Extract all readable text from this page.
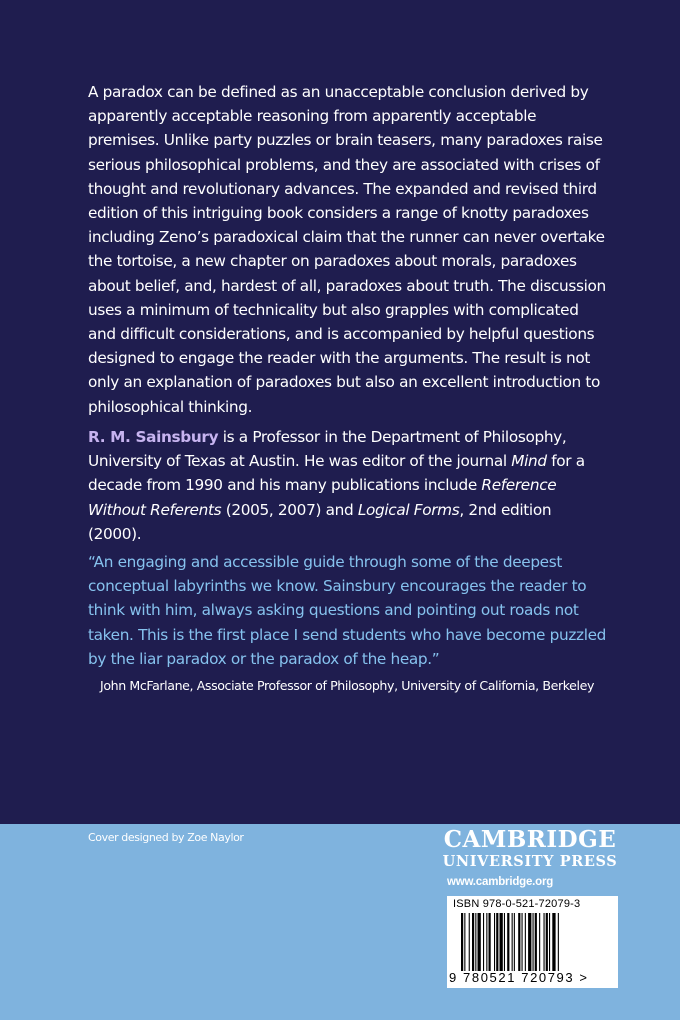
A paradox can be defined as an unacceptable conclusion derived by apparently acceptable reasoning from apparently acceptable premises. Unlike party puzzles or brain teasers, many paradoxes raise serious philosophical problems, and they are associated with crises of thought and revolutionary advances. The expanded and revised third edition of this intriguing book considers a range of knotty paradoxes including Zeno’s paradoxical claim that the runner can never overtake the tortoise, a new chapter on paradoxes about morals, paradoxes about belief, and, hardest of all, paradoxes about truth. The discussion uses a minimum of technicality but also grapples with complicated and difficult considerations, and is accompanied by helpful questions designed to engage the reader with the arguments. The result is not only an explanation of paradoxes but also an excellent introduction to philosophical thinking.

R. M. Sainsbury is a Professor in the Department of Philosophy, University of Texas at Austin. He was editor of the journal Mind for a decade from 1990 and his many publications include Reference Without Referents (2005, 2007) and Logical Forms, 2nd edition (2000).

“An engaging and accessible guide through some of the deepest conceptual labyrinths we know. Sainsbury encourages the reader to think with him, always asking questions and pointing out roads not taken. This is the first place I send students who have become puzzled by the liar paradox or the paradox of the heap.”

John McFarlane, Associate Professor of Philosophy, University of California, Berkeley

Cover designed by Zoe Naylor	CAMBRIDGE
UNIVERSITY PRESS
www.cambridge.org
ISBN 978-0-521-72079-3
9 780521 720793 >
